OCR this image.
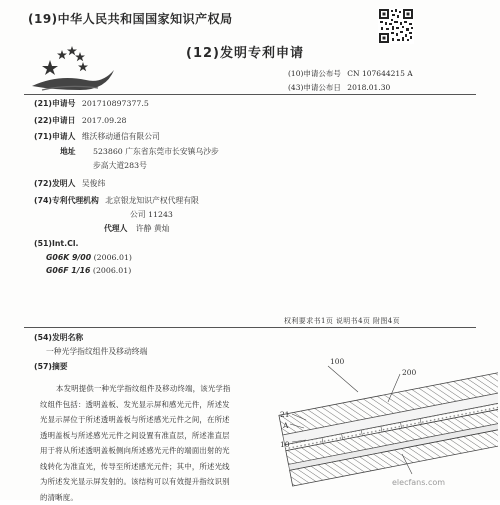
(19)中华人民共和国国家知识产权局
(12)发明专利申请
(10)申请公布号 CN 107644215 A
(43)申请公布日 2018.01.30
(21)申请号 201710897377.5
(22)申请日 2017.09.28
(71)申请人 维沃移动通信有限公司
地址 523860 广东省东莞市长安镇乌沙步
步高大道283号
(72)发明人 吴俊纬
(74)专利代理机构 北京银龙知识产权代理有限
公司 11243
代理人 许静 黄灿
(51)Int.Cl.
G06K 9/00 (2006.01)
G06F 1/16 (2006.01)
权利要求书1页 说明书4页 附图4页
(54)发明名称
一种光学指纹组件及移动终端
(57)摘要
本发明提供一种光学指纹组件及移动终端，该光学指纹组件包括：透明盖板、发光显示屏和感光元件，所述发光显示屏位于所述透明盖板与所述感光元件之间，在所述透明盖板与所述感光元件之间设置有准直层，所述准直层用于将从所述透明盖板侧向所述感光元件的端面出射的光线转化为准直光，传导至所述感光元件；其中，所述光线为所述发光显示屏发射的。该结构可以有效提升指纹识别的清晰度。
100
200
21
A
10
elecfans.com
